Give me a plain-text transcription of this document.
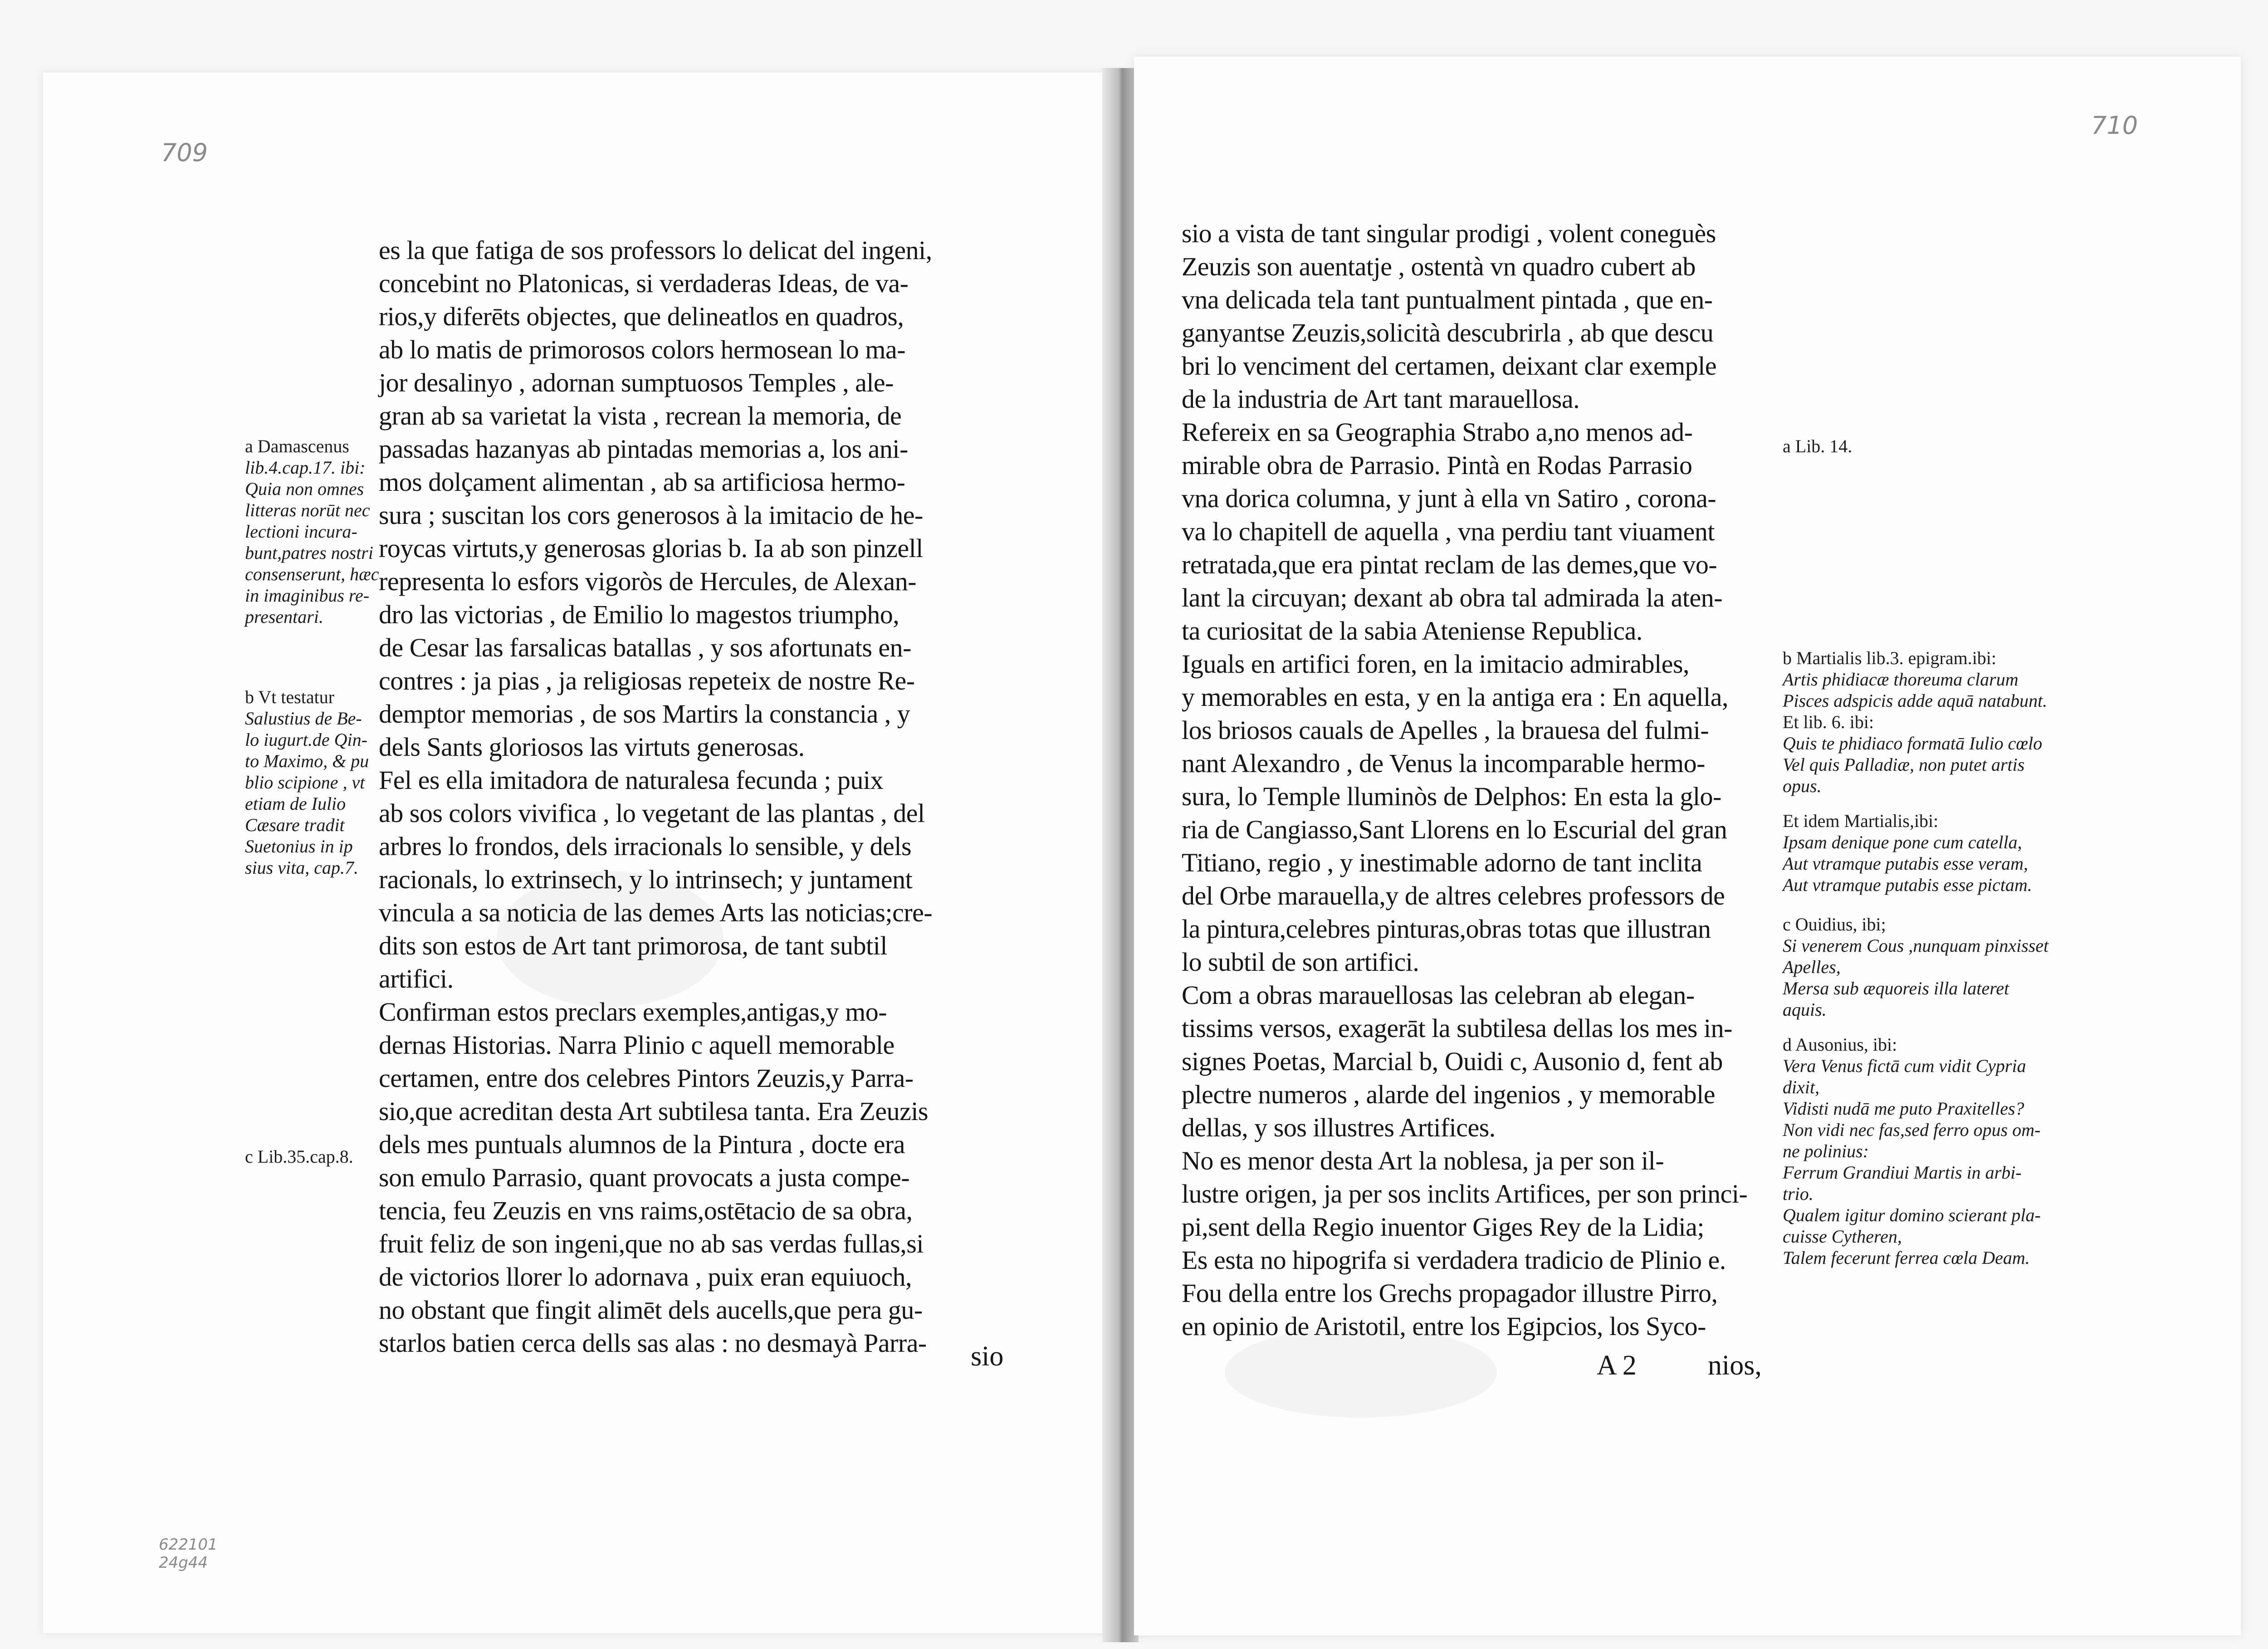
709
710
622101
24g44
a Damascenus
lib.4.cap.17. ibi:
Quia non omnes
litteras norūt nec
lectioni incura-
bunt,patres nostri
consenserunt, hæc
in imaginibus re-
presentari.
b Vt testatur
Salustius de Be-
lo iugurt.de Qin-
to Maximo, & pu
blio scipione , vt
etiam de Iulio
Cæsare tradit
Suetonius in ip
sius vita, cap.7.
c Lib.35.cap.8.
es la que fatiga de sos professors lo delicat del ingeni,
concebint no Platonicas, si verdaderas Ideas, de va-
rios,y diferēts objectes, que delineatlos en quadros,
ab lo matis de primorosos colors hermosean lo ma-
jor desalinyo , adornan sumptuosos Temples , ale-
gran ab sa varietat la vista , recrean la memoria, de
passadas hazanyas ab pintadas memorias a, los ani-
mos dolçament alimentan , ab sa artificiosa hermo-
sura ; suscitan los cors generosos à la imitacio de he-
roycas virtuts,y generosas glorias b. Ia ab son pinzell
representa lo esfors vigoròs de Hercules, de Alexan-
dro las victorias , de Emilio lo magestos triumpho,
de Cesar las farsalicas batallas , y sos afortunats en-
contres : ja pias , ja religiosas repeteix de nostre Re-
demptor memorias , de sos Martirs la constancia , y
dels Sants gloriosos las virtuts generosas.
Fel es ella imitadora de naturalesa fecunda ; puix
ab sos colors vivifica , lo vegetant de las plantas , del
arbres lo frondos, dels irracionals lo sensible, y dels
racionals, lo extrinsech, y lo intrinsech; y juntament
vincula a sa noticia de las demes Arts las noticias;cre-
dits son estos de Art tant primorosa, de tant subtil
artifici.
Confirman estos preclars exemples,antigas,y mo-
dernas Historias. Narra Plinio c aquell memorable
certamen, entre dos celebres Pintors Zeuzis,y Parra-
sio,que acreditan desta Art subtilesa tanta. Era Zeuzis
dels mes puntuals alumnos de la Pintura , docte era
son emulo Parrasio, quant provocats a justa compe-
tencia, feu Zeuzis en vns raims,ostētacio de sa obra,
fruit feliz de son ingeni,que no ab sas verdas fullas,si
de victorios llorer lo adornava , puix eran equiuoch,
no obstant que fingit alimēt dels aucells,que pera gu-
starlos batien cerca dells sas alas : no desmayà Parra-	sio
sio a vista de tant singular prodigi , volent coneguès
Zeuzis son auentatje , ostentà vn quadro cubert ab
vna delicada tela tant puntualment pintada , que en-
ganyantse Zeuzis,solicità descubrirla , ab que descu
bri lo venciment del certamen, deixant clar exemple
de la industria de Art tant marauellosa.
Refereix en sa Geographia Strabo a,no menos ad-
mirable obra de Parrasio. Pintà en Rodas Parrasio
vna dorica columna, y junt à ella vn Satiro , corona-
va lo chapitell de aquella , vna perdiu tant viuament
retratada,que era pintat reclam de las demes,que vo-
lant la circuyan; dexant ab obra tal admirada la aten-
ta curiositat de la sabia Ateniense Republica.
Iguals en artifici foren, en la imitacio admirables,
y memorables en esta, y en la antiga era : En aquella,
los briosos cauals de Apelles , la brauesa del fulmi-
nant Alexandro , de Venus la incomparable hermo-
sura, lo Temple lluminòs de Delphos: En esta la glo-
ria de Cangiasso,Sant Llorens en lo Escurial del gran
Titiano, regio , y inestimable adorno de tant inclita
del Orbe marauella,y de altres celebres professors de
la pintura,celebres pinturas,obras totas que illustran
lo subtil de son artifici.
Com a obras marauellosas las celebran ab elegan-
tissims versos, exagerāt la subtilesa dellas los mes in-
signes Poetas, Marcial b, Ouidi c, Ausonio d, fent ab
plectre numeros , alarde del ingenios , y memorable
dellas, y sos illustres Artifices.
No es menor desta Art la noblesa, ja per son il-
lustre origen, ja per sos inclits Artifices, per son princi-
pi,sent della Regio inuentor Giges Rey de la Lidia;
Es esta no hipogrifa si verdadera tradicio de Plinio e.
Fou della entre los Grechs propagador illustre Pirro,
en opinio de Aristotil, entre los Egipcios, los Syco-
A 2	nios,
a Lib. 14.
b Martialis lib.3. epigram.ibi:
Artis phidiacæ thoreuma clarum
Pisces adspicis adde aquā natabunt.
Et lib. 6. ibi:
Quis te phidiaco formatā Iulio cœlo
Vel quis Palladiæ, non putet artis
opus.
Et idem Martialis,ibi:
Ipsam denique pone cum catella,
Aut vtramque putabis esse veram,
Aut vtramque putabis esse pictam.
c Ouidius, ibi;
Si venerem Cous ,nunquam pinxisset
Apelles,
Mersa sub æquoreis illa lateret
aquis.
d Ausonius, ibi:
Vera Venus fictā cum vidit Cypria
dixit,
Vidisti nudā me puto Praxitelles?
Non vidi nec fas,sed ferro opus om-
ne polinius:
Ferrum Grandiui Martis in arbi-
trio.
Qualem igitur domino scierant pla-
cuisse Cytheren,
Talem fecerunt ferrea cœla Deam.
